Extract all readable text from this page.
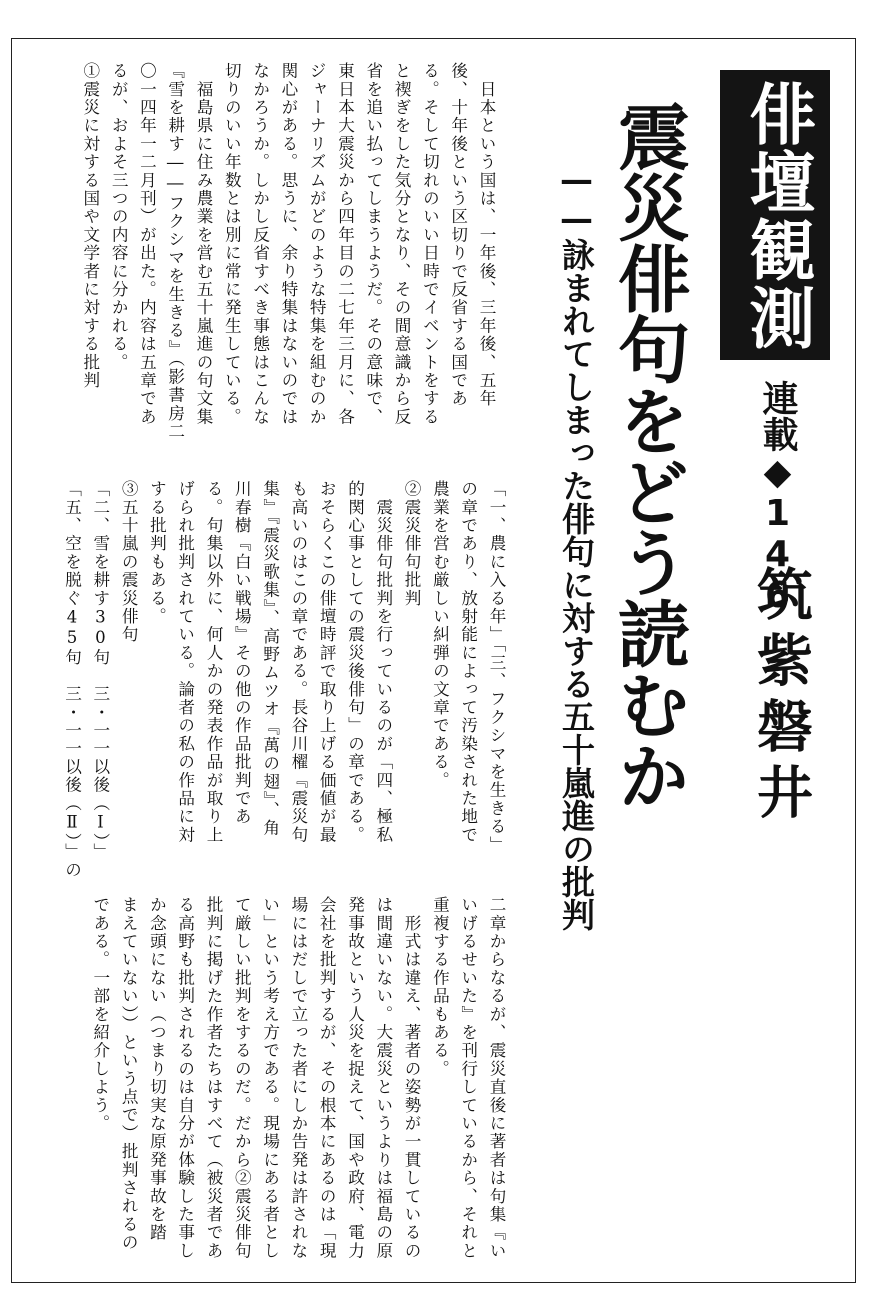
俳壇観測
連載◆146
筑紫磐井
震災俳句をどう読むか
——詠まれてしまった俳句に対する五十嵐進の批判

「一、農に入る年」「三、フクシマを生きる」

の章であり、放射能によって汚染された地で

農業を営む厳しい糾弾の文章である。

②震災俳句批判

　震災俳句批判を行っているのが「四、極私

的関心事としての震災後俳句」の章である。

おそらくこの俳壇時評で取り上げる価値が最

も高いのはこの章である。長谷川櫂『震災句

集』『震災歌集』、高野ムツオ『萬の翅』、角

川春樹『白い戦場』その他の作品批判であ

る。句集以外に、何人かの発表作品が取り上

げられ批判されている。論者の私の作品に対

する批判もある。

③五十嵐の震災俳句

「二、雪を耕す30句　三・一一以後（Ⅰ）」

「五、空を脱ぐ45句　三・一一以後（Ⅱ）」の

　日本という国は、一年後、三年後、五年

後、十年後という区切りで反省する国であ

る。そして切れのいい日時でイベントをする

と禊ぎをした気分となり、その間意識から反

省を追い払ってしまうようだ。その意味で、

東日本大震災から四年目の二七年三月に、各

ジャーナリズムがどのような特集を組むのか

関心がある。思うに、余り特集はないのでは

なかろうか。しかし反省すべき事態はこんな

切りのいい年数とは別に常に発生している。

　福島県に住み農業を営む五十嵐進の句文集

『雪を耕す――フクシマを生きる』（影書房二

〇一四年一二月刊）が出た。内容は五章であ

るが、およそ三つの内容に分かれる。

①震災に対する国や文学者に対する批判

二章からなるが、震災直後に著者は句集『い

いげるせいた』を刊行しているから、それと

重複する作品もある。

　形式は違え、著者の姿勢が一貫しているの

は間違いない。大震災というよりは福島の原

発事故という人災を捉えて、国や政府、電力

会社を批判するが、その根本にあるのは「現

場にはだしで立った者にしか告発は許されな

い」という考え方である。現場にある者とし

て厳しい批判をするのだ。だから②震災俳句

批判に掲げた作者たちはすべて（被災者であ

る高野も批判されるのは自分が体験した事し

か念頭にない（つまり切実な原発事故を踏

まえていない））という点で）批判されるの

である。一部を紹介しよう。
